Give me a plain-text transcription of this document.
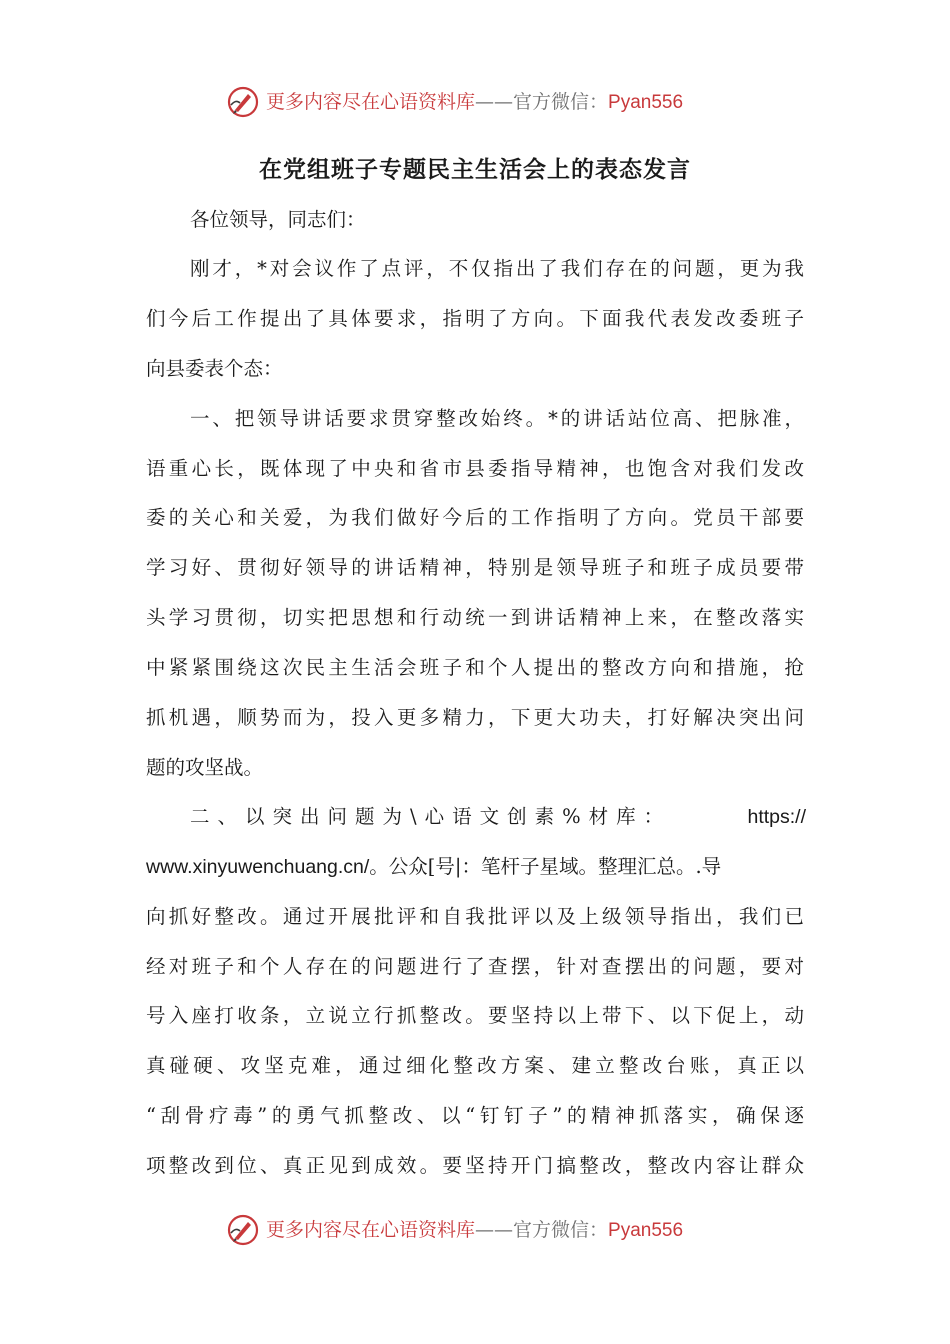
更多内容尽在心语资料库——官方微信：Pyan556
在党组班子专题民主生活会上的表态发言
各位领导，同志们：
刚才，*对会议作了点评，不仅指出了我们存在的问题，更为我
们今后工作提出了具体要求，指明了方向。下面我代表发改委班子
向县委表个态：
一、把领导讲话要求贯穿整改始终。*的讲话站位高、把脉准，
语重心长，既体现了中央和省市县委指导精神，也饱含对我们发改
委的关心和关爱，为我们做好今后的工作指明了方向。党员干部要
学习好、贯彻好领导的讲话精神，特别是领导班子和班子成员要带
头学习贯彻，切实把思想和行动统一到讲话精神上来，在整改落实
中紧紧围绕这次民主生活会班子和个人提出的整改方向和措施，抢
抓机遇，顺势而为，投入更多精力，下更大功夫，打好解决突出问
题的攻坚战。
二、以突出问题为\心语文创素%材库：	https://
www.xinyuwenchuang.cn/。公众[号|：笔杆子星域。整理汇总。.导
向抓好整改。通过开展批评和自我批评以及上级领导指出，我们已
经对班子和个人存在的问题进行了查摆，针对查摆出的问题，要对
号入座打收条，立说立行抓整改。要坚持以上带下、以下促上，动
真碰硬、攻坚克难，通过细化整改方案、建立整改台账，真正以
“刮骨疗毒”的勇气抓整改、以“钉钉子”的精神抓落实，确保逐
项整改到位、真正见到成效。要坚持开门搞整改，整改内容让群众
更多内容尽在心语资料库——官方微信：Pyan556
